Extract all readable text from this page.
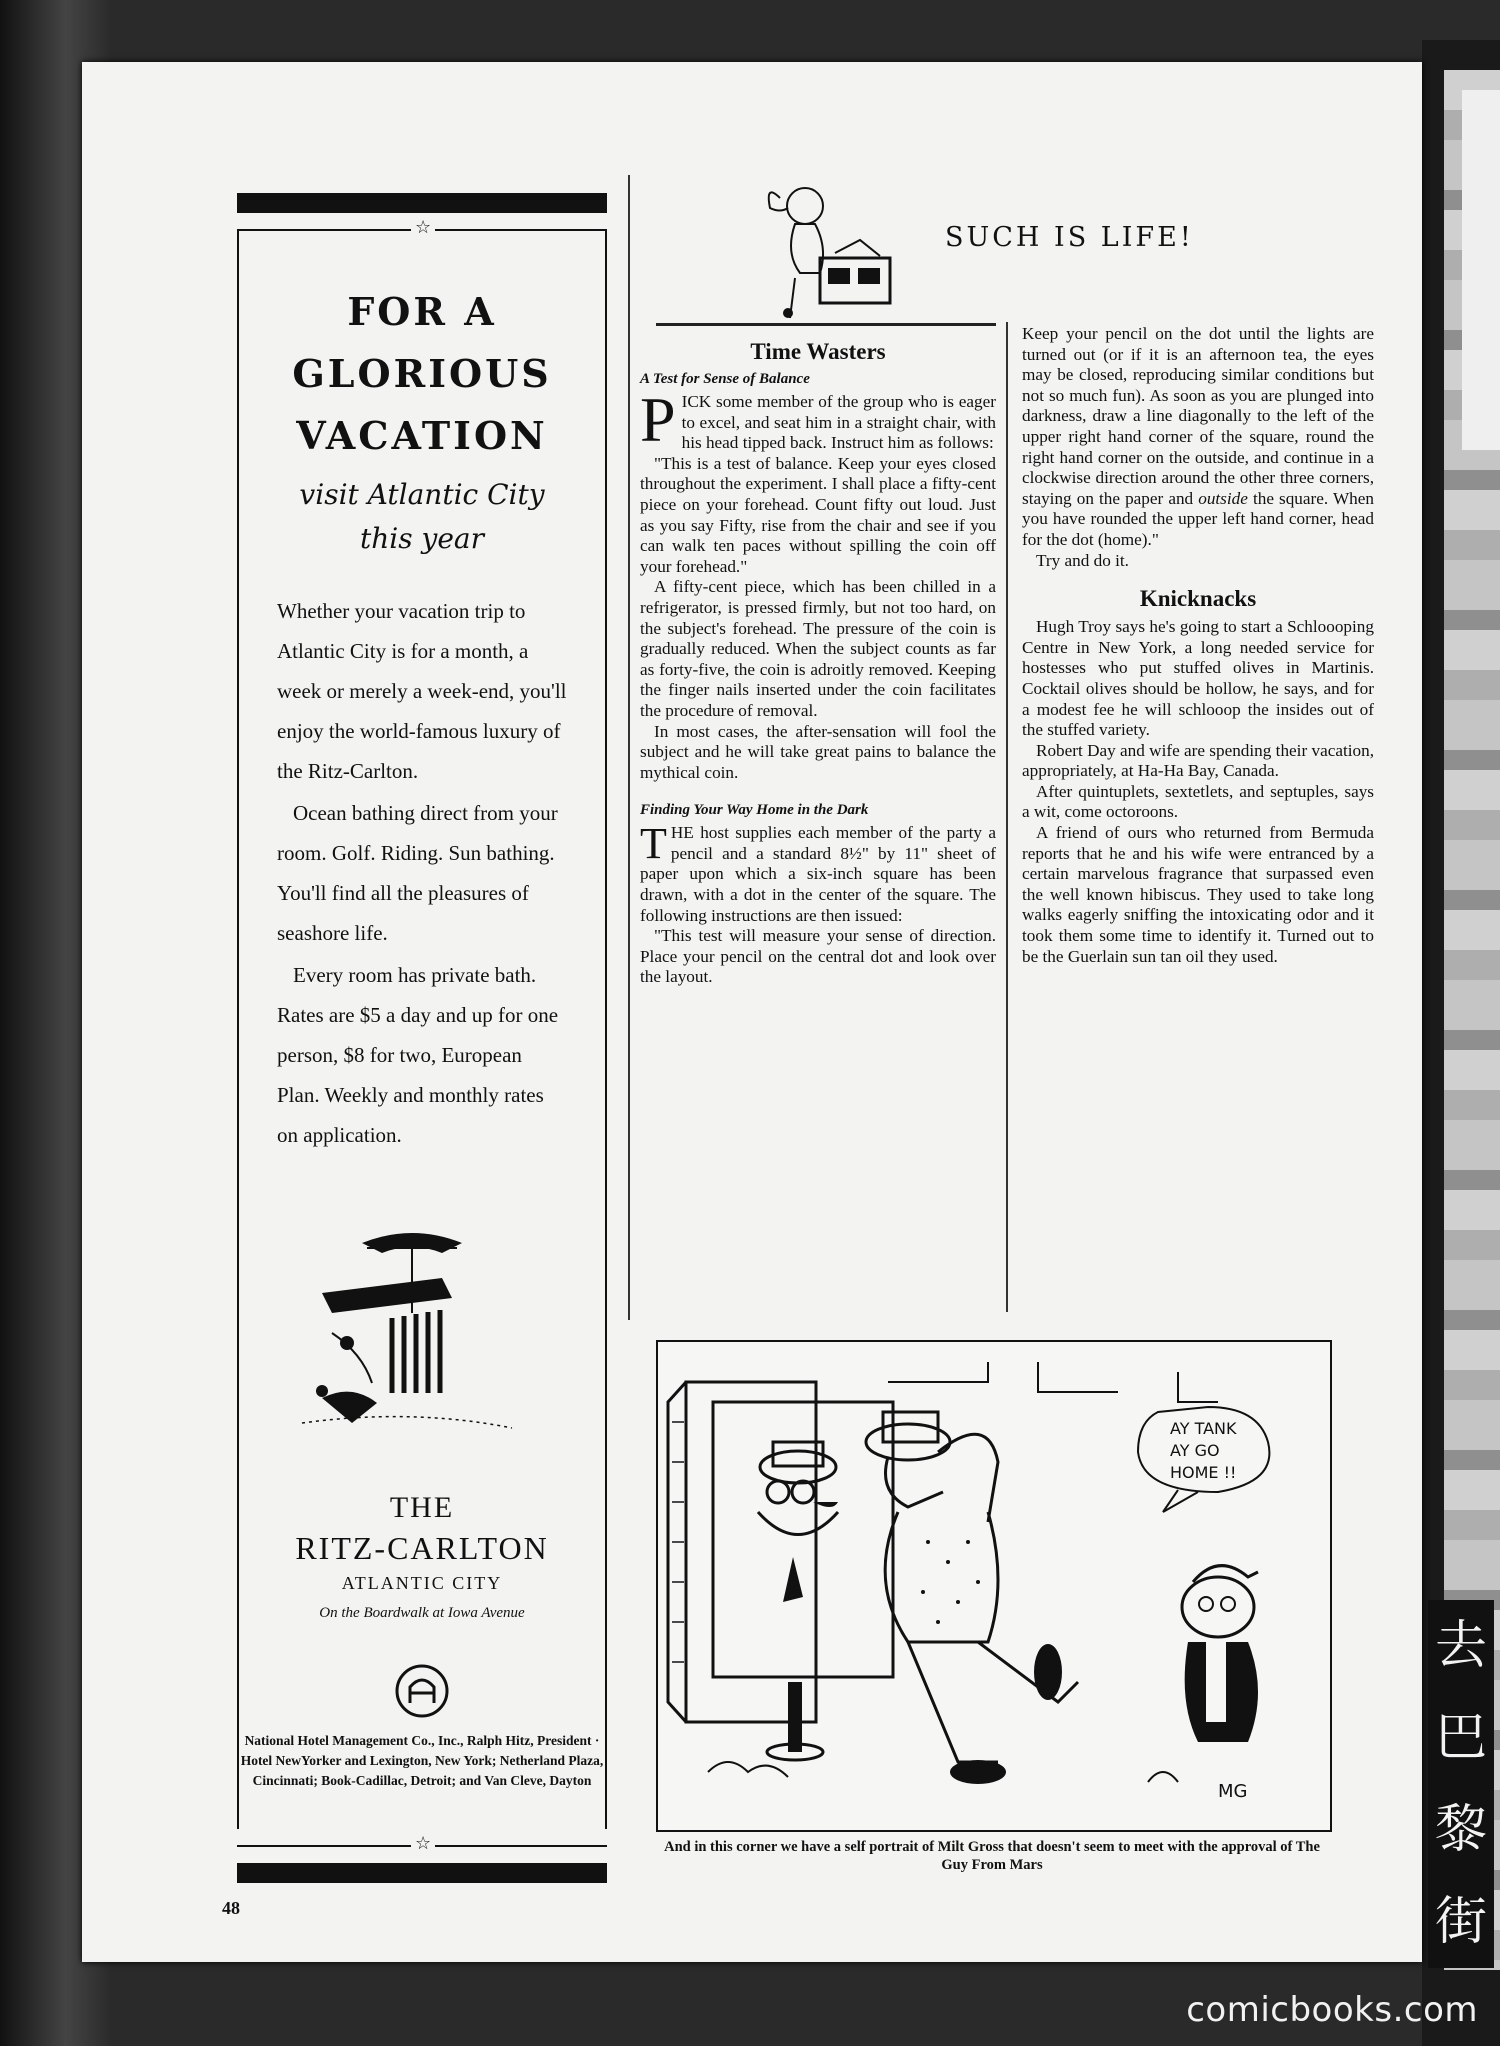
☆
FOR A
GLORIOUS
VACATION
visit Atlantic City
this year

Whether your vacation trip to Atlantic City is for a month, a week or merely a week-end, you'll enjoy the world-famous luxury of the Ritz-Carlton.

Ocean bathing direct from your room. Golf. Riding. Sun bathing. You'll find all the pleasures of seashore life.

Every room has private bath. Rates are $5 a day and up for one person, $8 for two, European Plan. Weekly and monthly rates on application.

THE
RITZ-CARLTON
ATLANTIC CITY
On the Boardwalk at Iowa Avenue
National Hotel Management Co., Inc., Ralph Hitz, President · Hotel NewYorker and Lexington, New York; Netherland Plaza, Cincinnati; Book-Cadillac, Detroit; and Van Cleve, Dayton
☆
48
SUCH IS LIFE!
Time Wasters
A Test for Sense of Balance

PICK some member of the group who is eager to excel, and seat him in a straight chair, with his head tipped back. Instruct him as follows:

"This is a test of balance. Keep your eyes closed throughout the experiment. I shall place a fifty-cent piece on your forehead. Count fifty out loud. Just as you say Fifty, rise from the chair and see if you can walk ten paces without spilling the coin off your forehead."

A fifty-cent piece, which has been chilled in a refrigerator, is pressed firmly, but not too hard, on the subject's forehead. The pressure of the coin is gradually reduced. When the subject counts as far as forty-five, the coin is adroitly removed. Keeping the finger nails inserted under the coin facilitates the procedure of removal.

In most cases, the after-sensation will fool the subject and he will take great pains to balance the mythical coin.

Finding Your Way Home in the Dark

THE host supplies each member of the party a pencil and a standard 8½" by 11" sheet of paper upon which a six-inch square has been drawn, with a dot in the center of the square. The following instructions are then issued:

"This test will measure your sense of direction. Place your pencil on the central dot and look over the layout.

Keep your pencil on the dot until the lights are turned out (or if it is an afternoon tea, the eyes may be closed, reproducing similar conditions but not so much fun). As soon as you are plunged into darkness, draw a line diagonally to the left of the upper right hand corner of the square, round the right hand corner on the outside, and continue in a clockwise direction around the other three corners, staying on the paper and outside the square. When you have rounded the upper left hand corner, head for the dot (home)."

Try and do it.

Knicknacks

Hugh Troy says he's going to start a Schloooping Centre in New York, a long needed service for hostesses who put stuffed olives in Martinis. Cocktail olives should be hollow, he says, and for a modest fee he will schlooop the insides out of the stuffed variety.

Robert Day and wife are spending their vacation, appropriately, at Ha-Ha Bay, Canada.

After quintuplets, sextetlets, and septuples, says a wit, come octoroons.

A friend of ours who returned from Bermuda reports that he and his wife were entranced by a certain marvelous fragrance that surpassed even the well known hibiscus. They used to take long walks eagerly sniffing the intoxicating odor and it took them some time to identify it. Turned out to be the Guerlain sun tan oil they used.

AY TANK
AY GO
HOME !!
MG
And in this corner we have a self portrait of Milt Gross that doesn't seem to meet with the approval of The Guy From Mars
去
巴
黎
街
comicbooks.com
